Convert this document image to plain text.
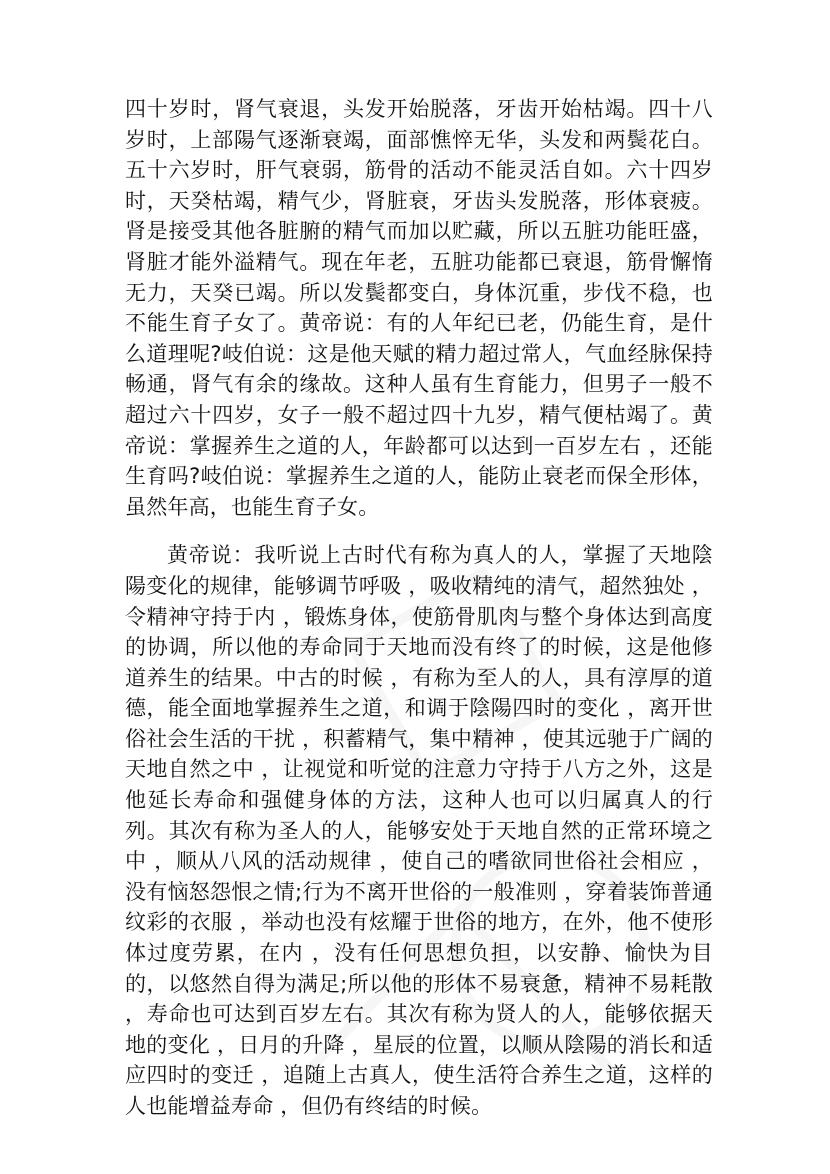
四十岁时，肾气衰退，头发开始脱落，牙齿开始枯竭。四十八岁时，上部陽气逐渐衰竭，面部憔悴无华，头发和两鬓花白。五十六岁时，肝气衰弱，筋骨的活动不能灵活自如。六十四岁时，天癸枯竭，精气少，肾脏衰，牙齿头发脱落，形体衰疲。肾是接受其他各脏腑的精气而加以贮藏，所以五脏功能旺盛，肾脏才能外溢精气。现在年老，五脏功能都已衰退，筋骨懈惰无力，天癸已竭。所以发鬓都变白，身体沉重，步伐不稳，也不能生育子女了。黄帝说：有的人年纪已老，仍能生育，是什么道理呢?岐伯说：这是他天赋的精力超过常人，气血经脉保持畅通，肾气有余的缘故。这种人虽有生育能力，但男子一般不超过六十四岁，女子一般不超过四十九岁，精气便枯竭了。黄帝说：掌握养生之道的人，年龄都可以达到一百岁左右 ，还能生育吗?岐伯说：掌握养生之道的人，能防止衰老而保全形体，虽然年高，也能生育子女。

黄帝说：我听说上古时代有称为真人的人，掌握了天地陰陽变化的规律，能够调节呼吸 ，吸收精纯的清气，超然独处 ，令精神守持于内 ，锻炼身体，使筋骨肌肉与整个身体达到高度的协调，所以他的寿命同于天地而没有终了的时候，这是他修道养生的结果。中古的时候 ，有称为至人的人，具有淳厚的道德，能全面地掌握养生之道，和调于陰陽四时的变化 ，离开世俗社会生活的干扰 ，积蓄精气，集中精神 ，使其远驰于广阔的天地自然之中 ，让视觉和听觉的注意力守持于八方之外，这是他延长寿命和强健身体的方法，这种人也可以归属真人的行列。其次有称为圣人的人，能够安处于天地自然的正常环境之中 ，顺从八风的活动规律 ，使自己的嗜欲同世俗社会相应 ，没有恼怒怨恨之情;行为不离开世俗的一般准则 ，穿着装饰普通纹彩的衣服 ，举动也没有炫耀于世俗的地方，在外，他不使形体过度劳累，在内 ，没有任何思想负担，以安静、愉快为目的，以悠然自得为满足;所以他的形体不易衰惫，精神不易耗散 ，寿命也可达到百岁左右。其次有称为贤人的人，能够依据天地的变化 ，日月的升降 ，星辰的位置，以顺从陰陽的消长和适应四时的变迁 ，追随上古真人，使生活符合养生之道，这样的人也能增益寿命 ，但仍有终结的时候。
